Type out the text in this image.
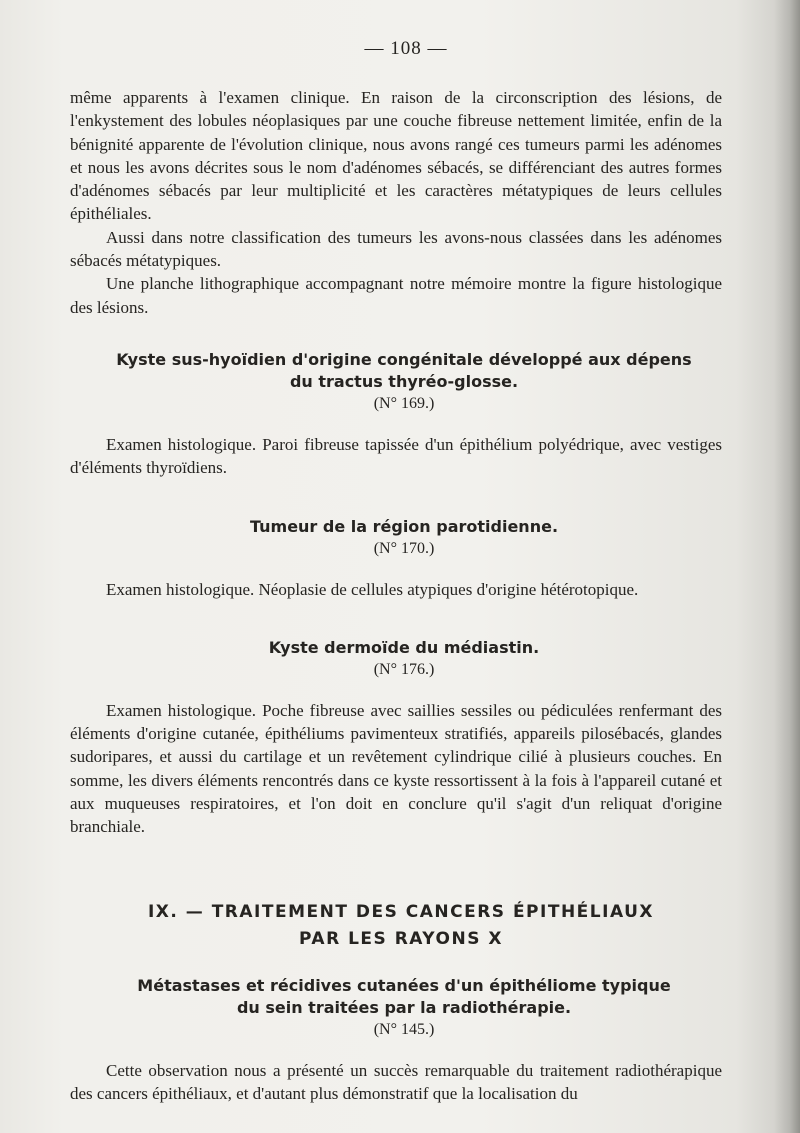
— 108 —

même apparents à l'examen clinique. En raison de la circonscription des lésions, de l'enkystement des lobules néoplasiques par une couche fibreuse nettement limitée, enfin de la bénignité apparente de l'évolution clinique, nous avons rangé ces tumeurs parmi les adénomes et nous les avons décrites sous le nom d'adénomes sébacés, se différenciant des autres formes d'adénomes sébacés par leur multiplicité et les caractères métatypiques de leurs cellules épithéliales.

Aussi dans notre classification des tumeurs les avons-nous classées dans les adénomes sébacés métatypiques.

Une planche lithographique accompagnant notre mémoire montre la figure histologique des lésions.

Kyste sus-hyoïdien d'origine congénitale développé aux dépens
du tractus thyréo-glosse.
(N° 169.)

Examen histologique. Paroi fibreuse tapissée d'un épithélium polyédrique, avec vestiges d'éléments thyroïdiens.

Tumeur de la région parotidienne.
(N° 170.)

Examen histologique. Néoplasie de cellules atypiques d'origine hétérotopique.

Kyste dermoïde du médiastin.
(N° 176.)

Examen histologique. Poche fibreuse avec saillies sessiles ou pédiculées renfermant des éléments d'origine cutanée, épithéliums pavimenteux stratifiés, appareils pilosébacés, glandes sudoripares, et aussi du cartilage et un revêtement cylindrique cilié à plusieurs couches. En somme, les divers éléments rencontrés dans ce kyste ressortissent à la fois à l'appareil cutané et aux muqueuses respiratoires, et l'on doit en conclure qu'il s'agit d'un reliquat d'origine branchiale.

IX. — TRAITEMENT DES CANCERS ÉPITHÉLIAUX
PAR LES RAYONS X
Métastases et récidives cutanées d'un épithéliome typique
du sein traitées par la radiothérapie.
(N° 145.)

Cette observation nous a présenté un succès remarquable du traitement radiothérapique des cancers épithéliaux, et d'autant plus démonstratif que la localisation du
